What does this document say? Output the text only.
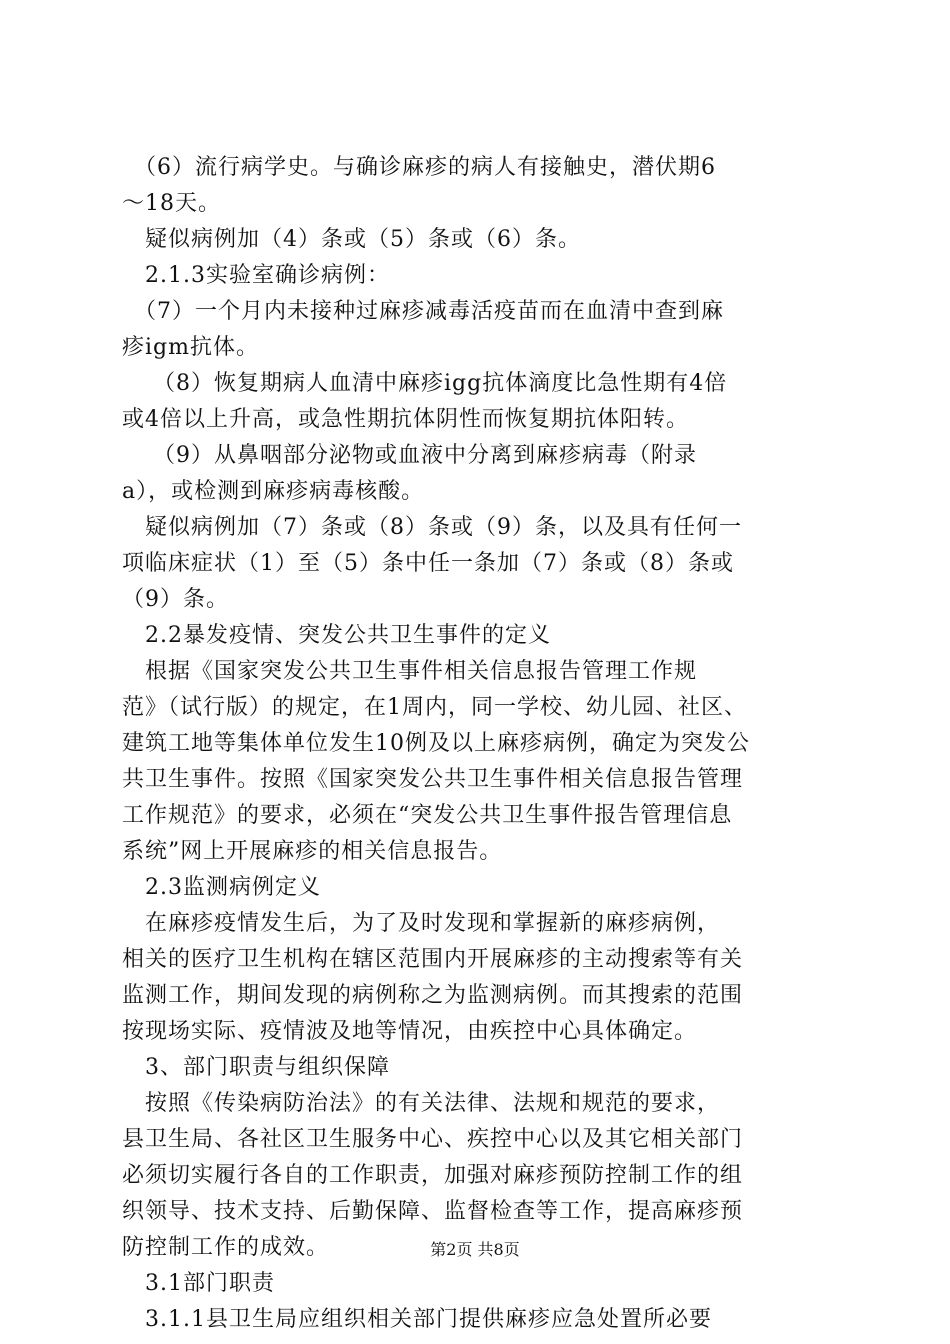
　（6）流行病学史。与确诊麻疹的病人有接触史，潜伏期6
～18天。
　疑似病例加（4）条或（5）条或（6）条。
　2.1.3实验室确诊病例：
　（7）一个月内未接种过麻疹减毒活疫苗而在血清中查到麻
疹igm抗体。
　 （8）恢复期病人血清中麻疹igg抗体滴度比急性期有4倍
或4倍以上升高，或急性期抗体阴性而恢复期抗体阳转。
　 （9）从鼻咽部分泌物或血液中分离到麻疹病毒（附录
a），或检测到麻疹病毒核酸。
　疑似病例加（7）条或（8）条或（9）条，以及具有任何一
项临床症状（1）至（5）条中任一条加（7）条或（8）条或
（9）条。
　2.2暴发疫情、突发公共卫生事件的定义
　根据《国家突发公共卫生事件相关信息报告管理工作规
范》（试行版）的规定，在1周内，同一学校、幼儿园、社区、
建筑工地等集体单位发生10例及以上麻疹病例，确定为突发公
共卫生事件。按照《国家突发公共卫生事件相关信息报告管理
工作规范》的要求，必须在“突发公共卫生事件报告管理信息
系统”网上开展麻疹的相关信息报告。
　2.3监测病例定义
　在麻疹疫情发生后，为了及时发现和掌握新的麻疹病例，
相关的医疗卫生机构在辖区范围内开展麻疹的主动搜索等有关
监测工作，期间发现的病例称之为监测病例。而其搜索的范围
按现场实际、疫情波及地等情况，由疾控中心具体确定。
　3、部门职责与组织保障
　按照《传染病防治法》的有关法律、法规和规范的要求，
县卫生局、各社区卫生服务中心、疾控中心以及其它相关部门
必须切实履行各自的工作职责，加强对麻疹预防控制工作的组
织领导、技术支持、后勤保障、监督检查等工作，提高麻疹预
防控制工作的成效。
　3.1部门职责
　3.1.1县卫生局应组织相关部门提供麻疹应急处置所必要
第2页 共8页
